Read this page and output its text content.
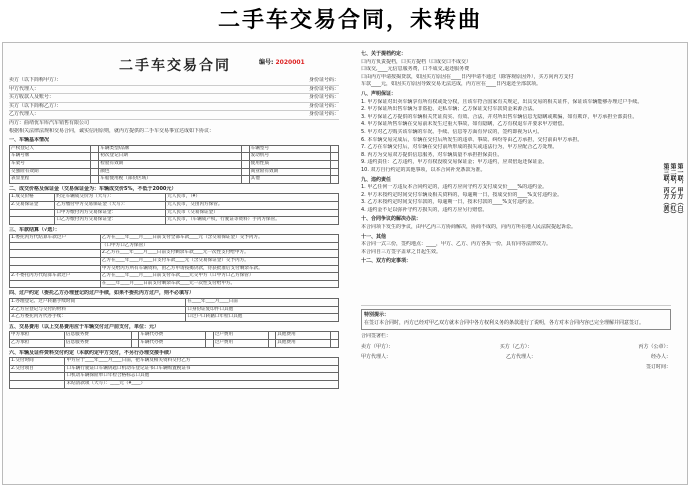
二手车交易合同，未转曲
二手车交易合同	编号: 2020001
卖方（以下简称甲方）：	身份证号码：
甲方代理人：	身份证号码：
买方收款人及账号：	身份证号码：
买方（以下简称乙方）：	身份证号码：
乙方代理人：	身份证号码：
丙方：曲靖优车库汽车销售有限公司
根据相关法律法规和交易合同，诚实信用原则，就丙方提供的二手车交易事宜达成如下协议：
一、车辆基本情况
产权登记人		车辆类型/品牌		车辆型号	
车辆号牌		初次登记日期		发动机号	
车架号		检验有效期		使用性质	
交强险有效期		颜色		商业险有效期	
表显里程		车船使用税（部份区域）		其他	
二、成交价格及保证金（交易保证金为：车辆成交价5%，不低于2000元）
1.成交价格	约定车辆成交价为（大写）：	元人民币，（¥）
2.交易保证金	乙方缴付甲方交易保证金（大写）：	元人民币，交由丙方保管。
	口甲方缴付丙方交易保证金：	元人民币（交易保证金）
	口乙方缴付丙方交易保证金：	元人民币，（车辆成产权，行驶证等资料）手丙方保管。
三、车款结算（√选）：
1.委托丙方代结算车款过户	乙方在____年____月____日前支付全部车款____元（含交易保证金）交予丙方。
	（口甲方口乙方保管）
	2.乙方在____年____月____日前支付剩余车款____元一次性支付给甲方。
	乙方在____年____月____日支付车款____元（含交易保证金）交予丙方。
	甲方交给丙方所有车辆资料，由乙方申请按揭贷款，待获批准后支付剩余车款。
2.不委托丙方代结算车款过户	乙方在____年____月____日前支付车款____元交甲方（口甲方口乙方保管）
	在____年____月____日前支付剩余车款____元一次性支付给甲方。
四、过户约定（委托乙方办理登记的过户手续，如果不委托丙方过户，则不必填写）
1.办理登记、过户转籍手续时间	在____年____月____日前
2.乙方应登记与交付的材料	口身份证复印件口其他
3.乙方委托丙方代办手续：	口过户口转籍口年检口其他
五、交易费用（以上交易费用应于车辆交付过户前支付，单位：元）
甲方承担	信息服务费		车辆代办费		过户费用		其他费用	
乙方承担	信息服务费		车辆代办费		过户费用		其他费用	
六、车辆及证件资料交付约定（本款约定甲方交付，不另行办理交接手续）
1.交付时间	甲方应于____年____月____日前，把车辆及相关资料交付乙方
2.交付项目	口车辆行驶证口车辆钥匙口机动车登记证书口车辆购置税证书
	口机动车辆保险单口年检合格标志口其他
	未结清款项（大写）：____元（¥____）
七、关于提档约定：
口丙方负责提档，口买方提档（口成交口不成交）
口成交,____元信息服务费，口不成交,退还服务费
口由丙方申请按揭贷款，如因买方原因在____日内申请不通过（除客观原因外），买方向丙方支付
车款____元，如因买方原因导致交易无法达成，丙方应在____日内退还全部款项。
八、声明保证：
1. 甲方保证对出卖车辆享有所有权或处分权，且该车符合国家有关规定，出具交易的相关证件，保证该车辆能够办理过户手续。
2. 甲方保证所出售车辆为非盗抢、走私车辆；乙方保证支付车款资金来源合法。
3. 甲方保证乙方提供的车辆相关凭证真实、有效、合法，并对所出售车辆信息无隐瞒或欺骗，如有欺诈，甲方承担全部责任。
4. 甲方保证所售车辆在交易前未发生过重大事故，如有隐瞒，乙方有权退车并要求甲方赔偿。
5. 甲方对乙方购买该车辆的车况、手续、信息等方面有异议的，签约即视为认可。
6. 本车辆交易完成后，车辆在交付后所发生的违章、事故、纠纷等由乙方承担，交付前由甲方承担。
7. 乙方在车辆交付后，对车辆在交付前所形成的损失或违法行为，甲方应配合乙方处理。
8. 丙方为交易双方提供信息服务，对车辆质量不承担担保责任。
9. 违约责任：乙方违约，甲方有权没收交易保证金；甲方违约，应双倍返还保证金。
10. 双方自行约定的其他事项，以本合同补充条款为准。
九、违约责任
1. 甲乙任何一方违反本合同约定的，违约方应向守约方支付成交价____%的违约金。
2. 甲方未按约定时间交付车辆及相关资料的，每逾期一日，按成交价的____%支付违约金。
3. 乙方未按约定时间支付车款的，每逾期一日，按未付款的____%支付违约金。
4. 违约金不足以弥补守约方损失的，违约方应另行赔偿。
十、合同争议的解决办法：
本合同项下发生的争议，由甲乙丙三方协商解决，协商不成的，向丙方所在地人民法院提起诉讼。
十一、其他
本合同一式三份，签约地点：____，甲方、乙方、丙方各执一份，具有同等法律效力。
本合同自三方签字盖章之日起生效。
十二、双方约定事项：
特别提示：在签订本合同时，丙方已经对甲乙双方就本合同中各方权利义务的条款进行了说明，各方对本合同内容已完全理解并同意签订。
合同签署栏：
卖方（甲方）：	买方（乙方）：	丙方（公章）：
甲方代理人：	乙方代理人：	经办人：
签订时间：
第一联，甲方（白）
第二联，乙方（红）
第三联，丙方（黄）
